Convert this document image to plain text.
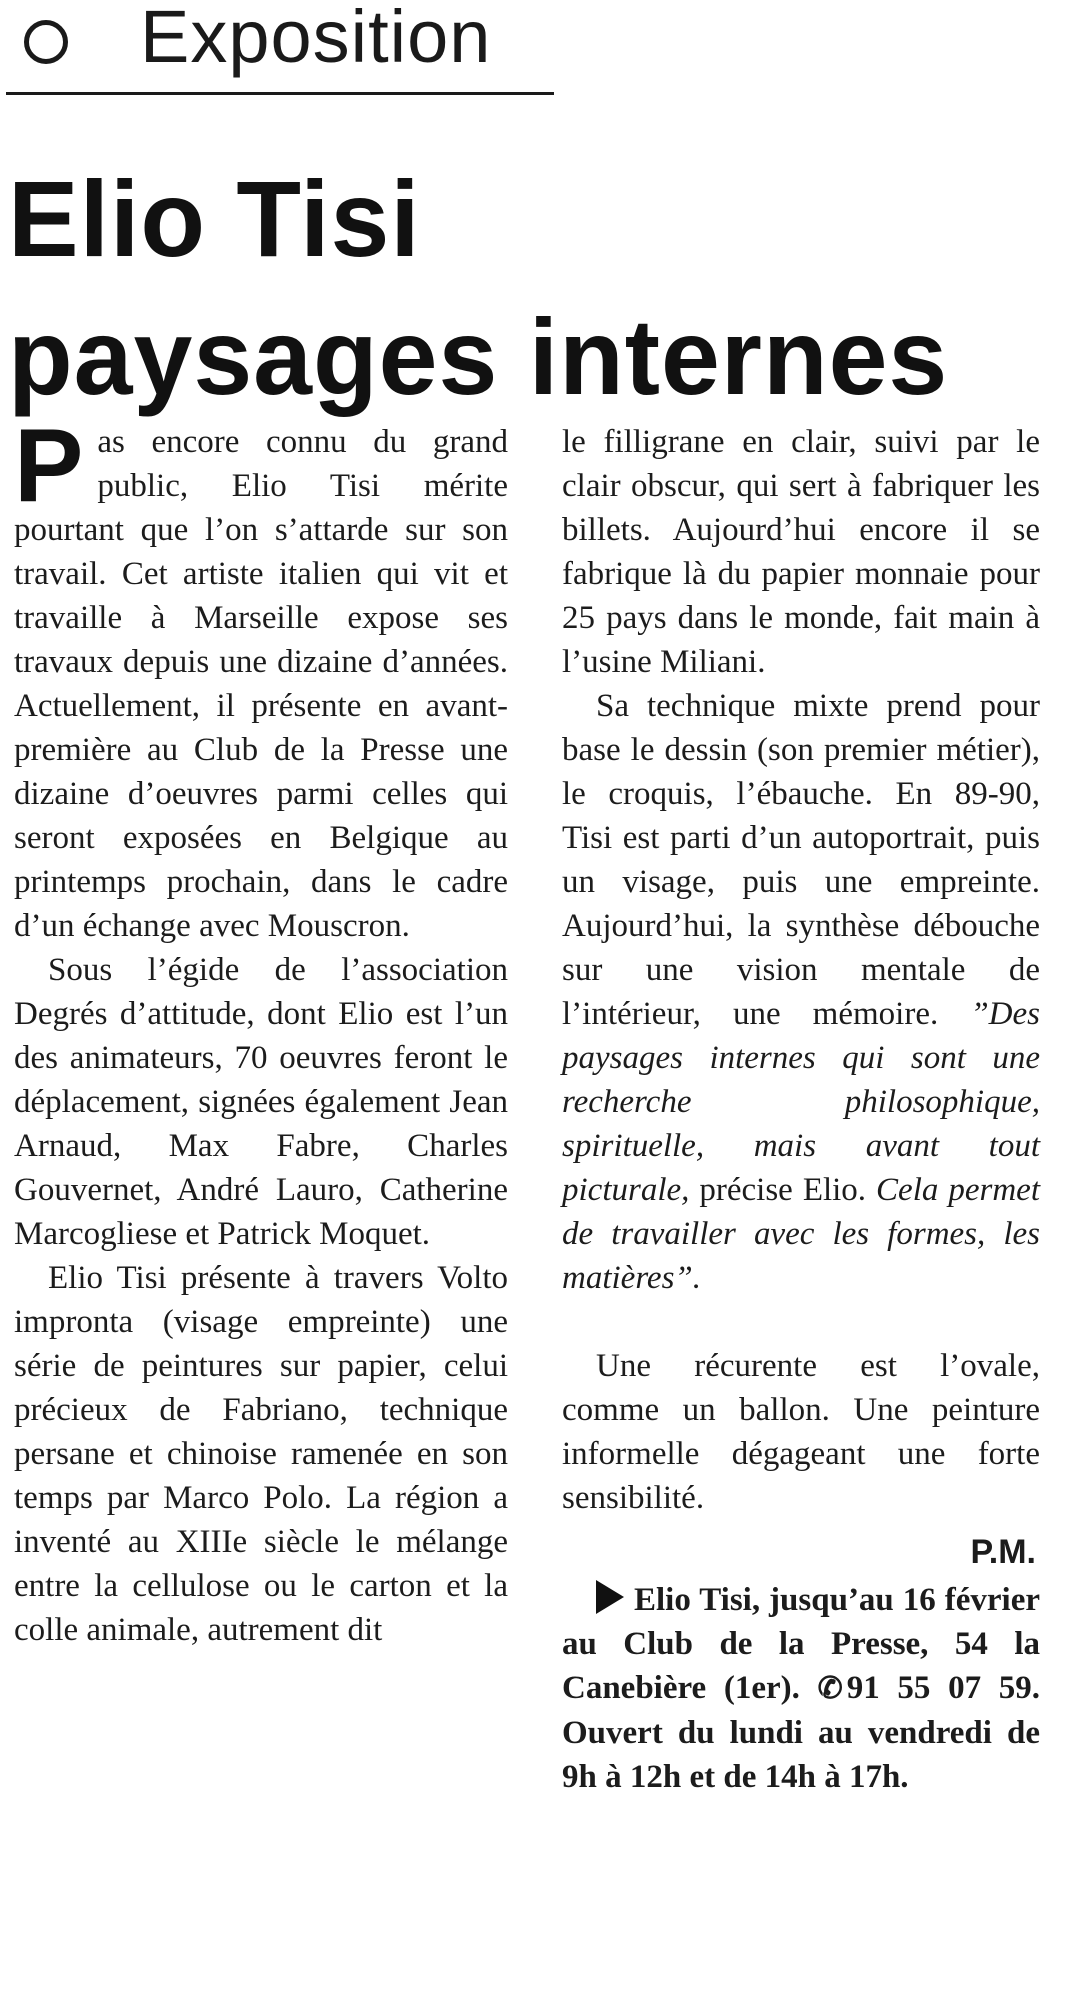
Exposition
Elio Tisi
paysages internes

Pas encore connu du grand public, Elio Tisi mérite pourtant que l’on s’attarde sur son travail. Cet artiste italien qui vit et travaille à Marseille expose ses travaux depuis une dizaine d’années. Actuellement, il présente en avant-première au Club de la Presse une dizaine d’oeuvres parmi celles qui seront exposées en Belgique au printemps prochain, dans le cadre d’un échange avec Mouscron.

Sous l’égide de l’association Degrés d’attitude, dont Elio est l’un des animateurs, 70 oeuvres feront le déplacement, signées également Jean Arnaud, Max Fabre, Charles Gouvernet, André Lauro, Catherine Marcogliese et Patrick Moquet.

Elio Tisi présente à travers Volto impronta (visage empreinte) une série de peintures sur papier, celui précieux de Fabriano, technique persane et chinoise ramenée en son temps par Marco Polo. La région a inventé au XIIIe siècle le mélange entre la cellulose ou le carton et la colle animale, autrement dit

le filligrane en clair, suivi par le clair obscur, qui sert à fabriquer les billets. Aujourd’hui encore il se fabrique là du papier monnaie pour 25 pays dans le monde, fait main à l’usine Miliani.

Sa technique mixte prend pour base le dessin (son premier métier), le croquis, l’ébauche. En 89-90, Tisi est parti d’un autoportrait, puis un visage, puis une empreinte. Aujourd’hui, la synthèse débouche sur une vision mentale de l’intérieur, une mémoire. ”Des paysages internes qui sont une recherche philosophique, spirituelle, mais avant tout picturale, précise Elio. Cela permet de travailler avec les formes, les matières”.

Une récurente est l’ovale, comme un ballon. Une peinture informelle dégageant une forte sensibilité.

P.M.
Elio Tisi, jusqu’au 16 février au Club de la Presse, 54 la Canebière (1er). ✆ 91 55 07 59. Ouvert du lundi au vendredi de 9h à 12h et de 14h à 17h.
